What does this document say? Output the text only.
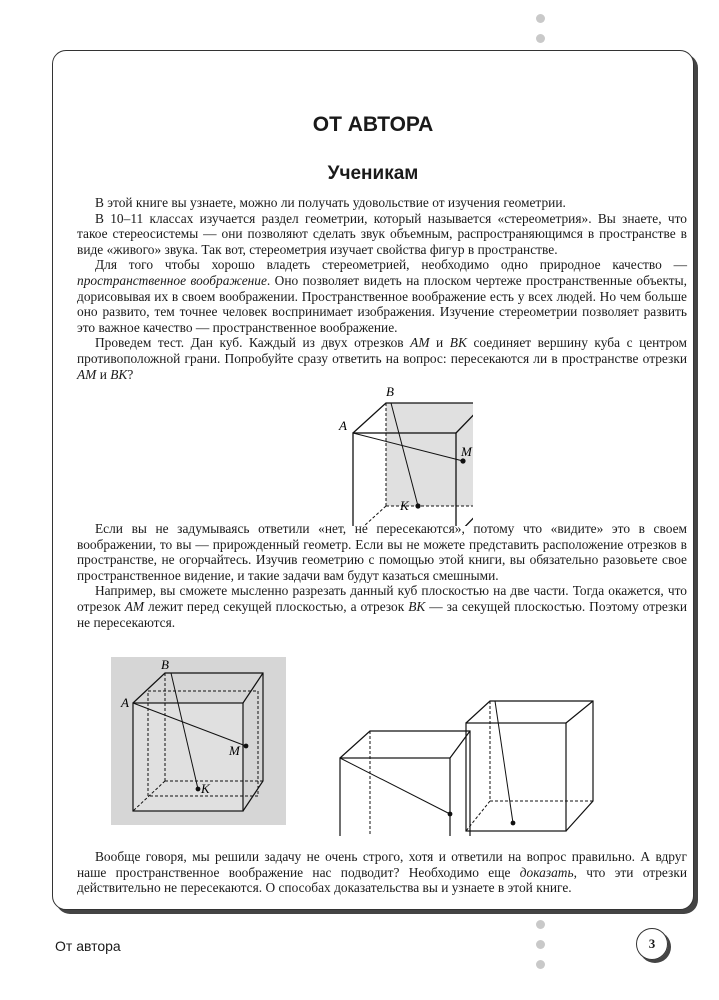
ОТ АВТОРА
Ученикам

В этой книге вы узнаете, можно ли получать удовольствие от изучения геометрии.

В 10–11 классах изучается раздел геометрии, который называется «стереометрия». Вы знаете, что такое стереосистемы — они позволяют сделать звук объемным, распространяющимся в пространстве в виде «живого» звука. Так вот, стереометрия изучает свойства фигур в пространстве.

Для того чтобы хорошо владеть стереометрией, необходимо одно природное качество — пространственное воображение. Оно позволяет видеть на плоском чертеже пространственные объекты, дорисовывая их в своем воображении. Пространственное воображение есть у всех людей. Но чем больше оно развито, тем точнее человек воспринимает изображения. Изучение стереометрии позволяет развить это важное качество — пространственное воображение.

Проведем тест. Дан куб. Каждый из двух отрезков AM и BK соединяет вершину куба с центром противоположной грани. Попробуйте сразу ответить на вопрос: пересекаются ли в пространстве отрезки AM и BK?

A
B
M
K

Если вы не задумываясь ответили «нет, не пересекаются», потому что «видите» это в своем воображении, то вы — прирожденный геометр. Если вы не можете представить расположение отрезков в пространстве, не огорчайтесь. Изучив геометрию с помощью этой книги, вы обязательно разовьете свое пространственное видение, и такие задачи вам будут казаться смешными.

Например, вы сможете мысленно разрезать данный куб плоскостью на две части. Тогда окажется, что отрезок AM лежит перед секущей плоскостью, а отрезок BK — за секущей плоскостью. Поэтому отрезки не пересекаются.

A
B
M
K

Вообще говоря, мы решили задачу не очень строго, хотя и ответили на вопрос правильно. А вдруг наше пространственное воображение нас подводит? Необходимо еще доказать, что эти отрезки действительно не пересекаются. О способах доказательства вы и узнаете в этой книге.

От автора	3
